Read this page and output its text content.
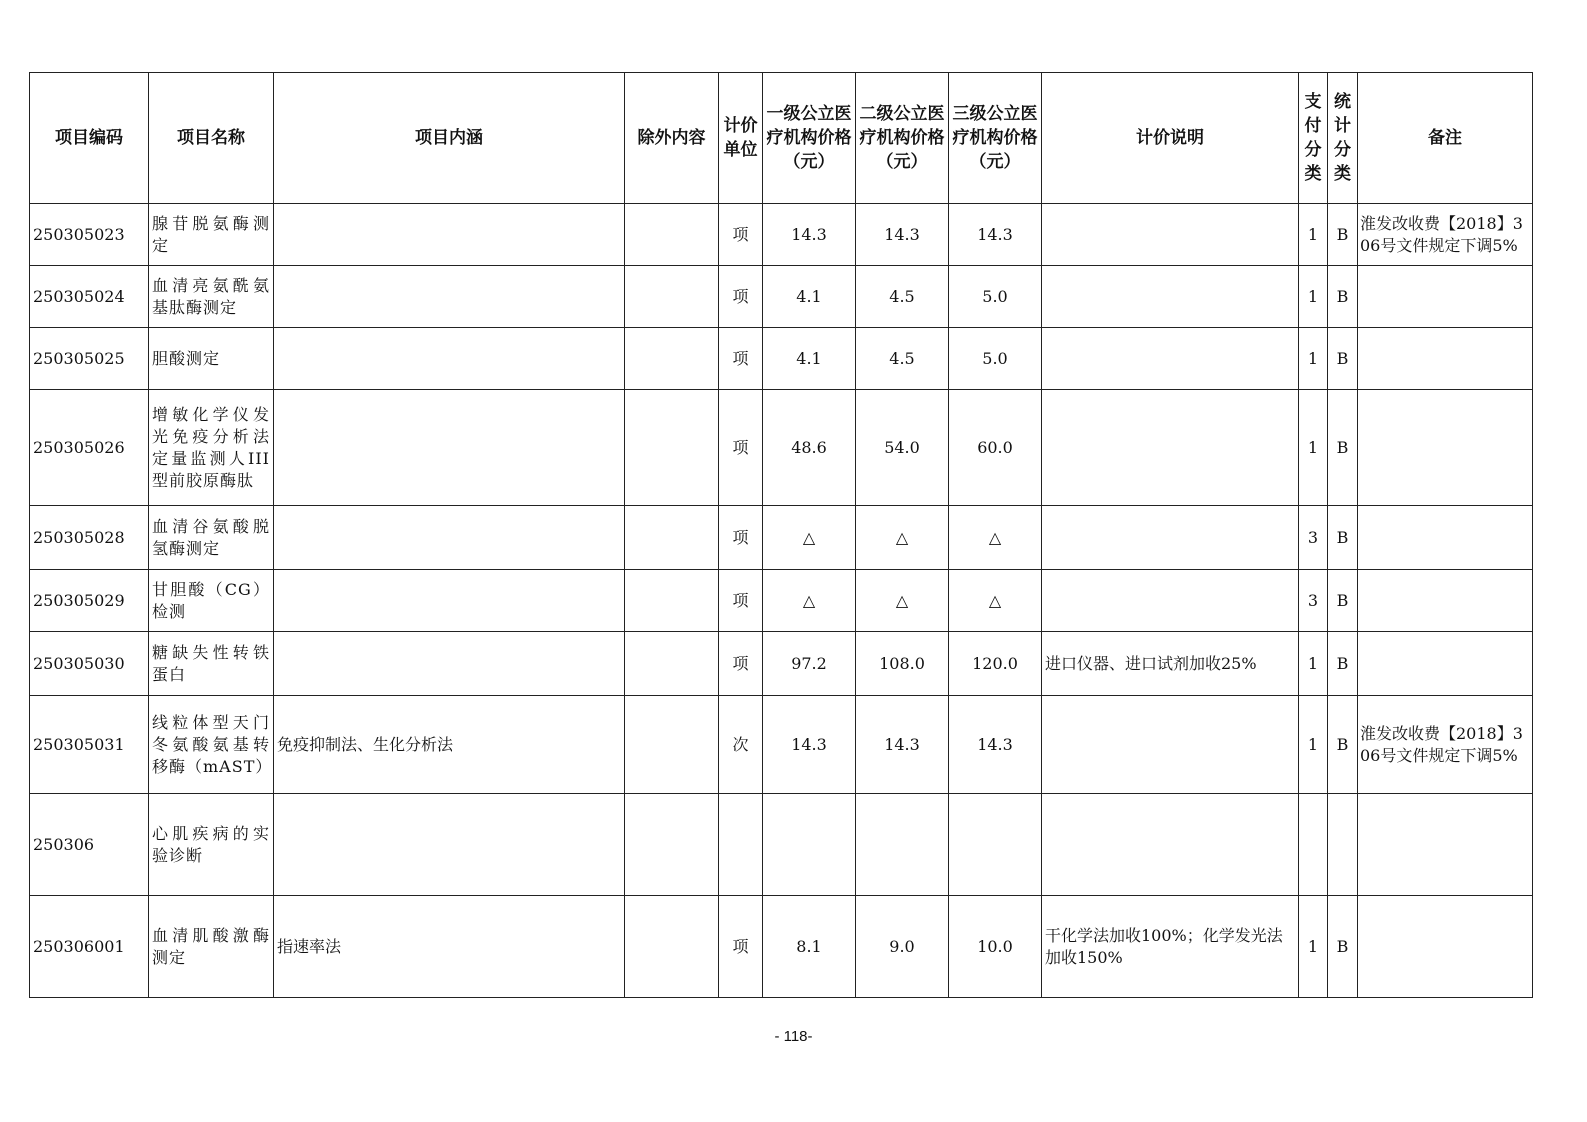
项目编码	项目名称	项目内涵	除外内容	计价单位	一级公立医疗机构价格（元）	二级公立医疗机构价格（元）	三级公立医疗机构价格（元）	计价说明	支付分类	统计分类	备注
250305023	腺苷脱氨酶测定			项	14.3	14.3	14.3		1	B	淮发改收费【2018】306号文件规定下调5%
250305024	血清亮氨酰氨基肽酶测定			项	4.1	4.5	5.0		1	B	
250305025	胆酸测定			项	4.1	4.5	5.0		1	B	
250305026	增敏化学仪发光免疫分析法定量监测人III型前胶原酶肽			项	48.6	54.0	60.0		1	B	
250305028	血清谷氨酸脱氢酶测定			项	△	△	△		3	B	
250305029	甘胆酸（CG）检测			项	△	△	△		3	B	
250305030	糖缺失性转铁蛋白			项	97.2	108.0	120.0	进口仪器、进口试剂加收25%	1	B	
250305031	线粒体型天门冬氨酸氨基转移酶（mAST）	免疫抑制法、生化分析法		次	14.3	14.3	14.3		1	B	淮发改收费【2018】306号文件规定下调5%
250306	心肌疾病的实验诊断										
250306001	血清肌酸激酶测定	指速率法		项	8.1	9.0	10.0	干化学法加收100%；化学发光法加收150%	1	B	
- 118-
